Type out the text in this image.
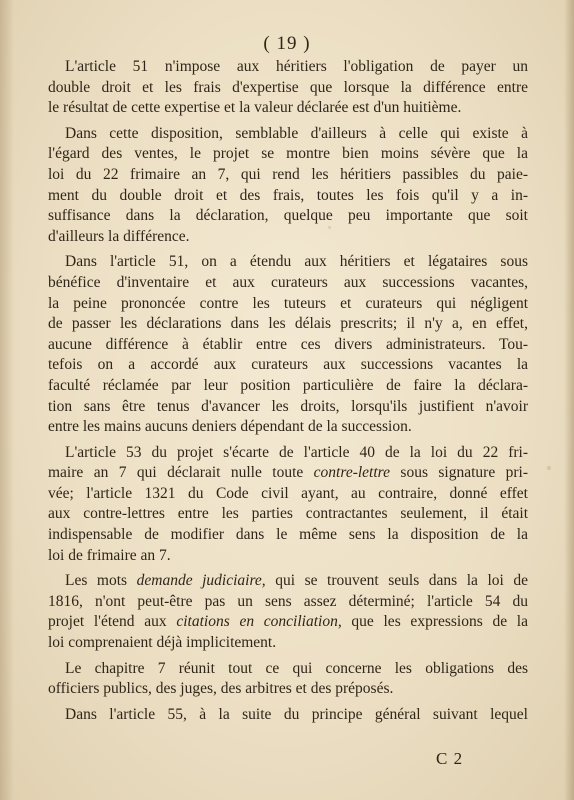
( 19 )
L'article 51 n'impose aux héritiers l'obligation de payer un
double droit et les frais d'expertise que lorsque la différence entre
le résultat de cette expertise et la valeur déclarée est d'un huitième.
Dans cette disposition, semblable d'ailleurs à celle qui existe à
l'égard des ventes, le projet se montre bien moins sévère que la
loi du 22 frimaire an 7, qui rend les héritiers passibles du paie-
ment du double droit et des frais, toutes les fois qu'il y a in-
suffisance dans la déclaration, quelque peu importante que soit
d'ailleurs la différence.
Dans l'article 51, on a étendu aux héritiers et légataires sous
bénéfice d'inventaire et aux curateurs aux successions vacantes,
la peine prononcée contre les tuteurs et curateurs qui négligent
de passer les déclarations dans les délais prescrits; il n'y a, en effet,
aucune différence à établir entre ces divers administrateurs. Tou-
tefois on a accordé aux curateurs aux successions vacantes la
faculté réclamée par leur position particulière de faire la déclara-
tion sans être tenus d'avancer les droits, lorsqu'ils justifient n'avoir
entre les mains aucuns deniers dépendant de la succession.
L'article 53 du projet s'écarte de l'article 40 de la loi du 22 fri-
maire an 7 qui déclarait nulle toute contre-lettre sous signature pri-
vée; l'article 1321 du Code civil ayant, au contraire, donné effet
aux contre-lettres entre les parties contractantes seulement, il était
indispensable de modifier dans le même sens la disposition de la
loi de frimaire an 7.
Les mots demande judiciaire, qui se trouvent seuls dans la loi de
1816, n'ont peut-être pas un sens assez déterminé; l'article 54 du
projet l'étend aux citations en conciliation, que les expressions de la
loi comprenaient déjà implicitement.
Le chapitre 7 réunit tout ce qui concerne les obligations des
officiers publics, des juges, des arbitres et des préposés.
Dans l'article 55, à la suite du principe général suivant lequel
C 2
